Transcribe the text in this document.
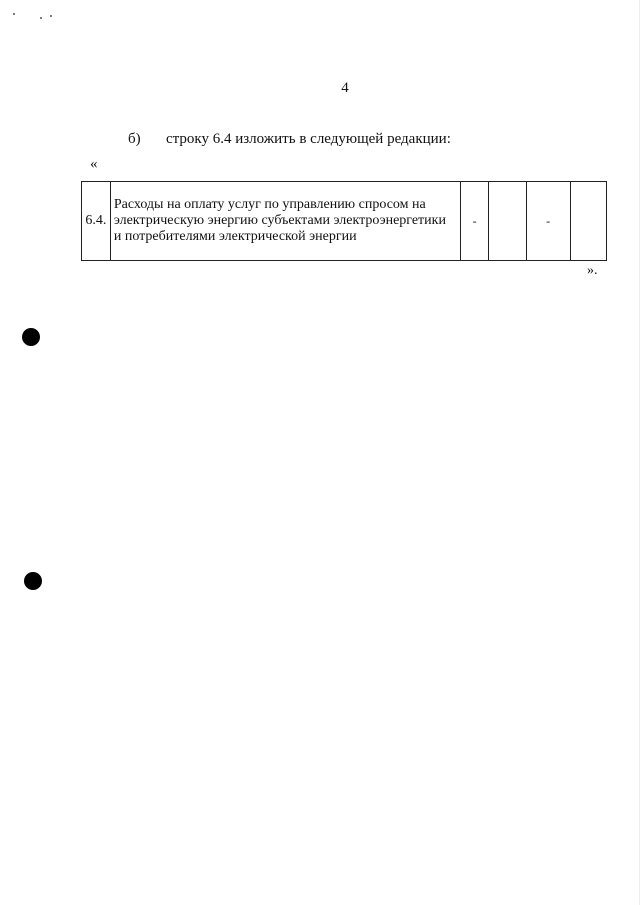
4
б) строку 6.4 изложить в следующей редакции:
«
6.4.	Расходы на оплату услуг по управлению спросом на электрическую энергию субъектами электроэнергетики и потребителями электрической энергии	-		-	
».
